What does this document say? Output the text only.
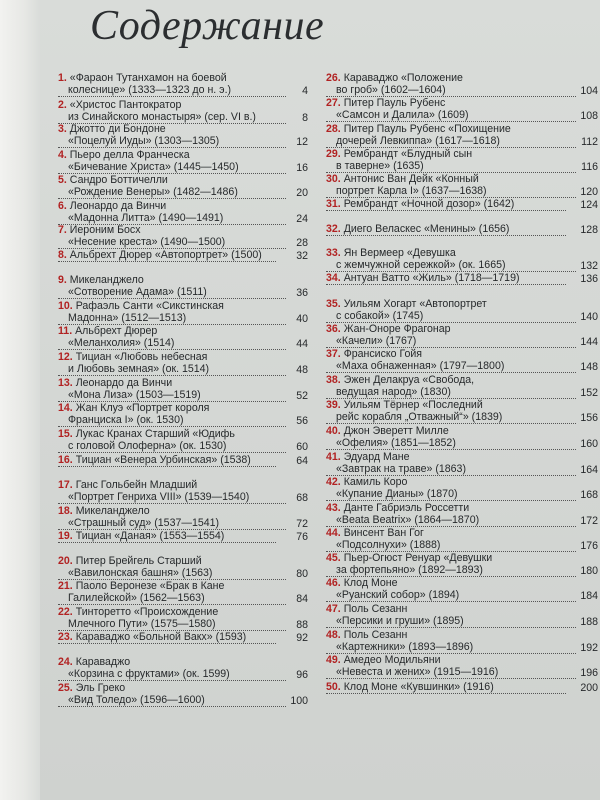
Содержание
1. «Фараон Тутанхамон на боевой
колеснице» (1333—1323 до н. э.)	4
2. «Христос Пантократор
из Синайского монастыря» (сер. VI в.)	8
3. Джотто ди Бондоне
«Поцелуй Иуды» (1303—1305)	12
4. Пьеро делла Франческа
«Бичевание Христа» (1445—1450)	16
5. Сандро Боттичелли
«Рождение Венеры» (1482—1486)	20
6. Леонардо да Винчи
«Мадонна Литта» (1490—1491)	24
7. Иероним Босх
«Несение креста» (1490—1500)	28
8. Альбрехт Дюрер «Автопортрет» (1500)	32
9. Микеланджело
«Сотворение Адама» (1511)	36
10. Рафаэль Санти «Сикстинская
Мадонна» (1512—1513)	40
11. Альбрехт Дюрер
«Меланхолия» (1514)	44
12. Тициан «Любовь небесная
и Любовь земная» (ок. 1514)	48
13. Леонардо да Винчи
«Мона Лиза» (1503—1519)	52
14. Жан Клуэ «Портрет короля
Франциска I» (ок. 1530)	56
15. Лукас Кранах Старший «Юдифь
с головой Олоферна» (ок. 1530)	60
16. Тициан «Венера Урбинская» (1538)	64
17. Ганс Гольбейн Младший
«Портрет Генриха VIII» (1539—1540)	68
18. Микеланджело
«Страшный суд» (1537—1541)	72
19. Тициан «Даная» (1553—1554)	76
20. Питер Брейгель Старший
«Вавилонская башня» (1563)	80
21. Паоло Веронезе «Брак в Кане
Галилейской» (1562—1563)	84
22. Тинторетто «Происхождение
Млечного Пути» (1575—1580)	88
23. Караваджо «Больной Вакх» (1593)	92
24. Караваджо
«Корзина с фруктами» (ок. 1599)	96
25. Эль Греко
«Вид Толедо» (1596—1600)	100
26. Караваджо «Положение
во гроб» (1602—1604)	104
27. Питер Пауль Рубенс
«Самсон и Далила» (1609)	108
28. Питер Пауль Рубенс «Похищение
дочерей Левкиппа» (1617—1618)	112
29. Рембрандт «Блудный сын
в таверне» (1635)	116
30. Антонис Ван Дейк «Конный
портрет Карла I» (1637—1638)	120
31. Рембрандт «Ночной дозор» (1642)	124
32. Диего Веласкес «Менины» (1656)	128
33. Ян Вермеер «Девушка
с жемчужной сережкой» (ок. 1665)	132
34. Антуан Ватто «Жиль» (1718—1719)	136
35. Уильям Хогарт «Автопортрет
с собакой» (1745)	140
36. Жан-Оноре Фрагонар
«Качели» (1767)	144
37. Франсиско Гойя
«Маха обнаженная» (1797—1800)	148
38. Эжен Делакруа «Свобода,
ведущая народ» (1830)	152
39. Уильям Тёрнер «Последний
рейс корабля „Отважный“» (1839)	156
40. Джон Эверетт Милле
«Офелия» (1851—1852)	160
41. Эдуард Мане
«Завтрак на траве» (1863)	164
42. Камиль Коро
«Купание Дианы» (1870)	168
43. Данте Габриэль Россетти
«Beata Beatrix» (1864—1870)	172
44. Винсент Ван Гог
«Подсолнухи» (1888)	176
45. Пьер-Огюст Ренуар «Девушки
за фортепьяно» (1892—1893)	180
46. Клод Моне
«Руанский собор» (1894)	184
47. Поль Сезанн
«Персики и груши» (1895)	188
48. Поль Сезанн
«Картежники» (1893—1896)	192
49. Амедео Модильяни
«Невеста и жених» (1915—1916)	196
50. Клод Моне «Кувшинки» (1916)	200
